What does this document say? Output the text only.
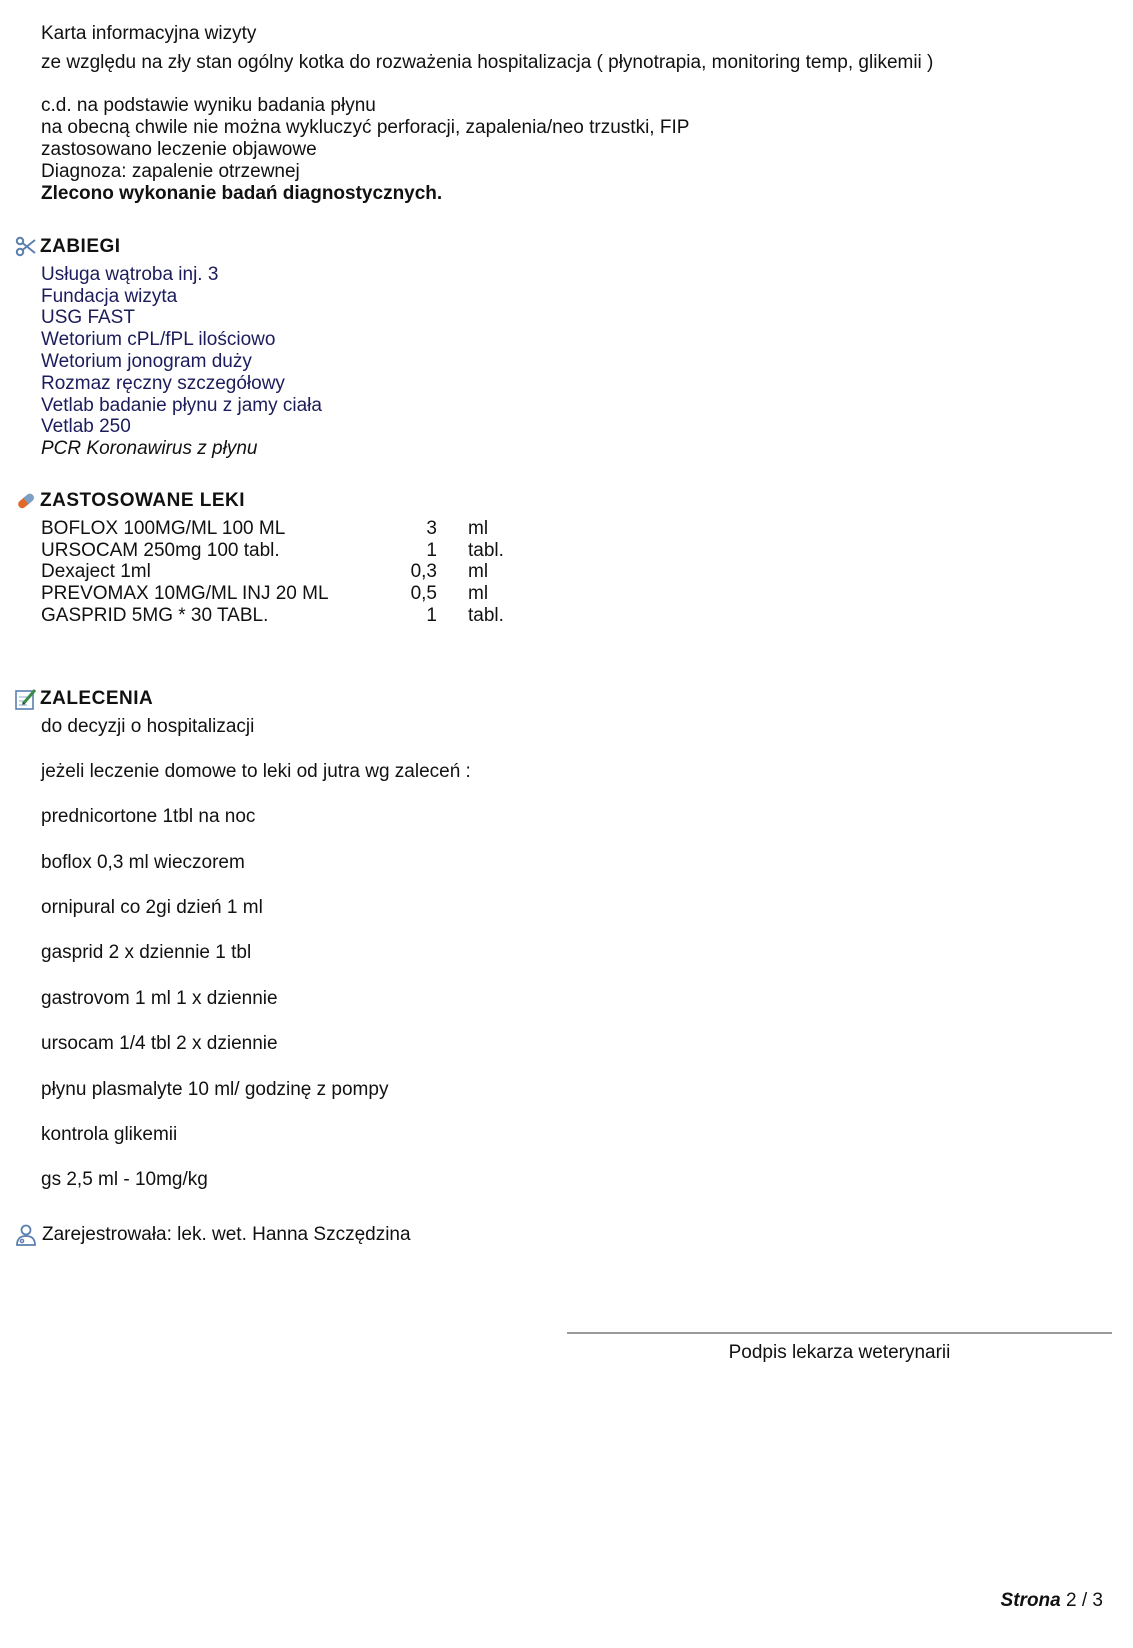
Karta informacyjna wizyty
ze względu na zły stan ogólny kotka do rozważenia hospitalizacja ( płynotrapia, monitoring temp, glikemii )
c.d. na podstawie wyniku badania płynu
na obecną chwile nie można wykluczyć perforacji, zapalenia/neo trzustki, FIP
zastosowano leczenie objawowe
Diagnoza: zapalenie otrzewnej
Zlecono wykonanie badań diagnostycznych.
ZABIEGI
Usługa wątroba inj. 3
Fundacja wizyta
USG FAST
Wetorium cPL/fPL ilościowo
Wetorium jonogram duży
Rozmaz ręczny szczegółowy
Vetlab badanie płynu z jamy ciała
Vetlab 250
PCR Koronawirus z płynu
ZASTOSOWANE LEKI
BOFLOX 100MG/ML 100 ML	3 ml
URSOCAM 250mg 100 tabl.	1 tabl.
Dexaject 1ml	0,3 ml
PREVOMAX 10MG/ML INJ 20 ML	0,5 ml
GASPRID 5MG * 30 TABL.	1 tabl.
ZALECENIA
do decyzji o hospitalizacji
jeżeli leczenie domowe to leki od jutra wg zaleceń :
prednicortone 1tbl na noc
boflox 0,3 ml wieczorem
ornipural co 2gi dzień 1 ml
gasprid 2 x dziennie 1 tbl
gastrovom 1 ml 1 x dziennie
ursocam 1/4 tbl 2 x dziennie
płynu plasmalyte 10 ml/ godzinę z pompy
kontrola glikemii
gs 2,5 ml - 10mg/kg
Zarejestrowała: lek. wet. Hanna Szczędzina
Podpis lekarza weterynarii
Strona 2 / 3
